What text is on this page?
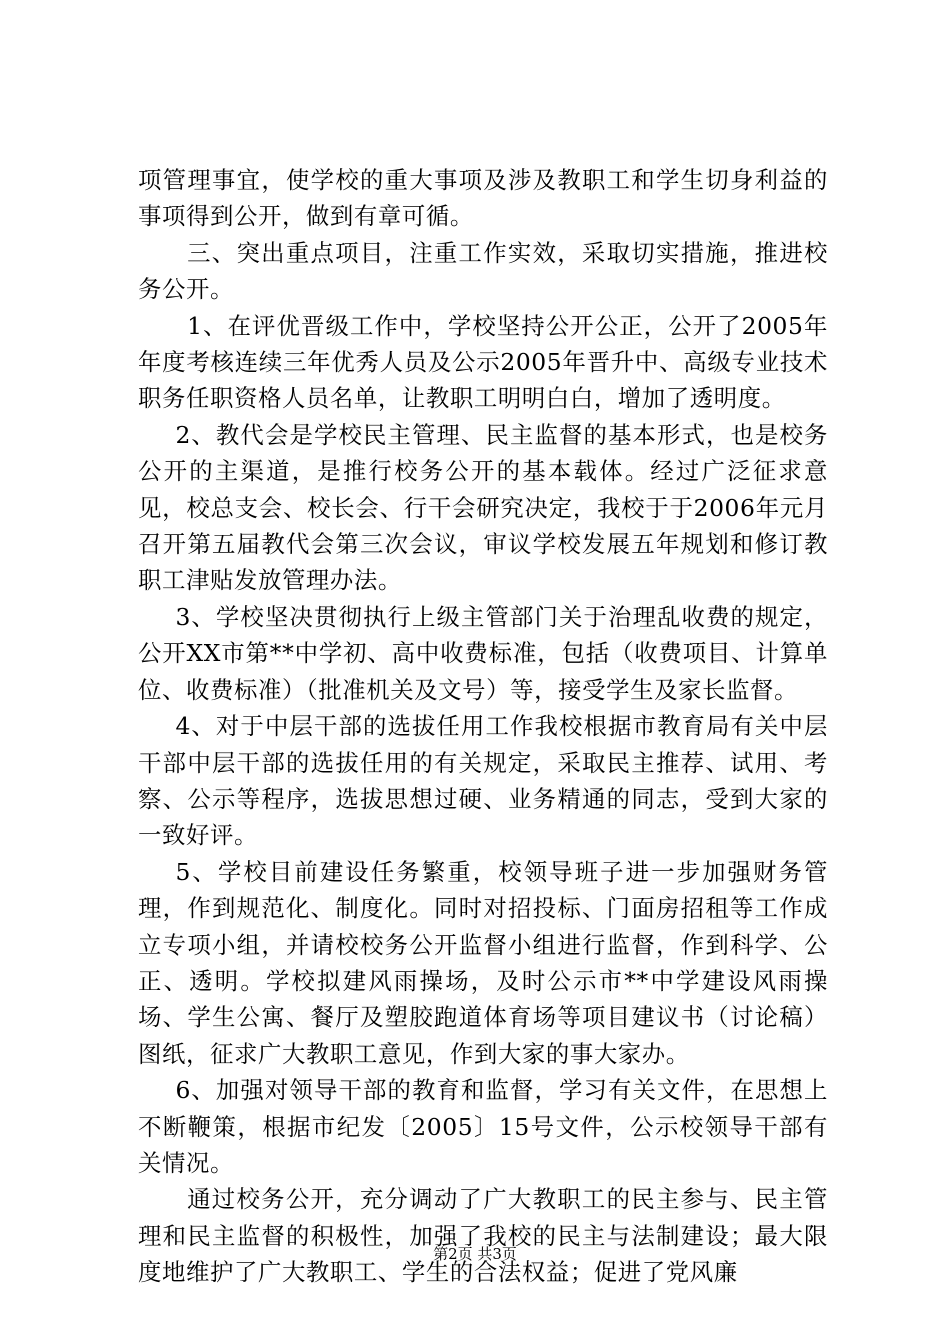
项管理事宜，使学校的重大事项及涉及教职工和学生切身利益的事项得到公开，做到有章可循。

三、突出重点项目，注重工作实效，采取切实措施，推进校务公开。

1、在评优晋级工作中，学校坚持公开公正，公开了2005年年度考核连续三年优秀人员及公示2005年晋升中、高级专业技术职务任职资格人员名单，让教职工明明白白，增加了透明度。

2、教代会是学校民主管理、民主监督的基本形式，也是校务公开的主渠道，是推行校务公开的基本载体。经过广泛征求意见，校总支会、校长会、行干会研究决定，我校于于2006年元月召开第五届教代会第三次会议，审议学校发展五年规划和修订教职工津贴发放管理办法。

3、学校坚决贯彻执行上级主管部门关于治理乱收费的规定，公开XX市第**中学初、高中收费标准，包括（收费项目、计算单位、收费标准）（批准机关及文号）等，接受学生及家长监督。

4、对于中层干部的选拔任用工作我校根据市教育局有关中层干部中层干部的选拔任用的有关规定，采取民主推荐、试用、考察、公示等程序，选拔思想过硬、业务精通的同志，受到大家的一致好评。

5、学校目前建设任务繁重，校领导班子进一步加强财务管理，作到规范化、制度化。同时对招投标、门面房招租等工作成立专项小组，并请校校务公开监督小组进行监督，作到科学、公正、透明。学校拟建风雨操场，及时公示市**中学建设风雨操场、学生公寓、餐厅及塑胶跑道体育场等项目建议书（讨论稿）图纸，征求广大教职工意见，作到大家的事大家办。

6、加强对领导干部的教育和监督，学习有关文件，在思想上不断鞭策，根据市纪发〔2005〕15号文件，公示校领导干部有关情况。

通过校务公开，充分调动了广大教职工的民主参与、民主管理和民主监督的积极性，加强了我校的民主与法制建设；最大限度地维护了广大教职工、学生的合法权益；促进了党风廉

第2页 共3页
